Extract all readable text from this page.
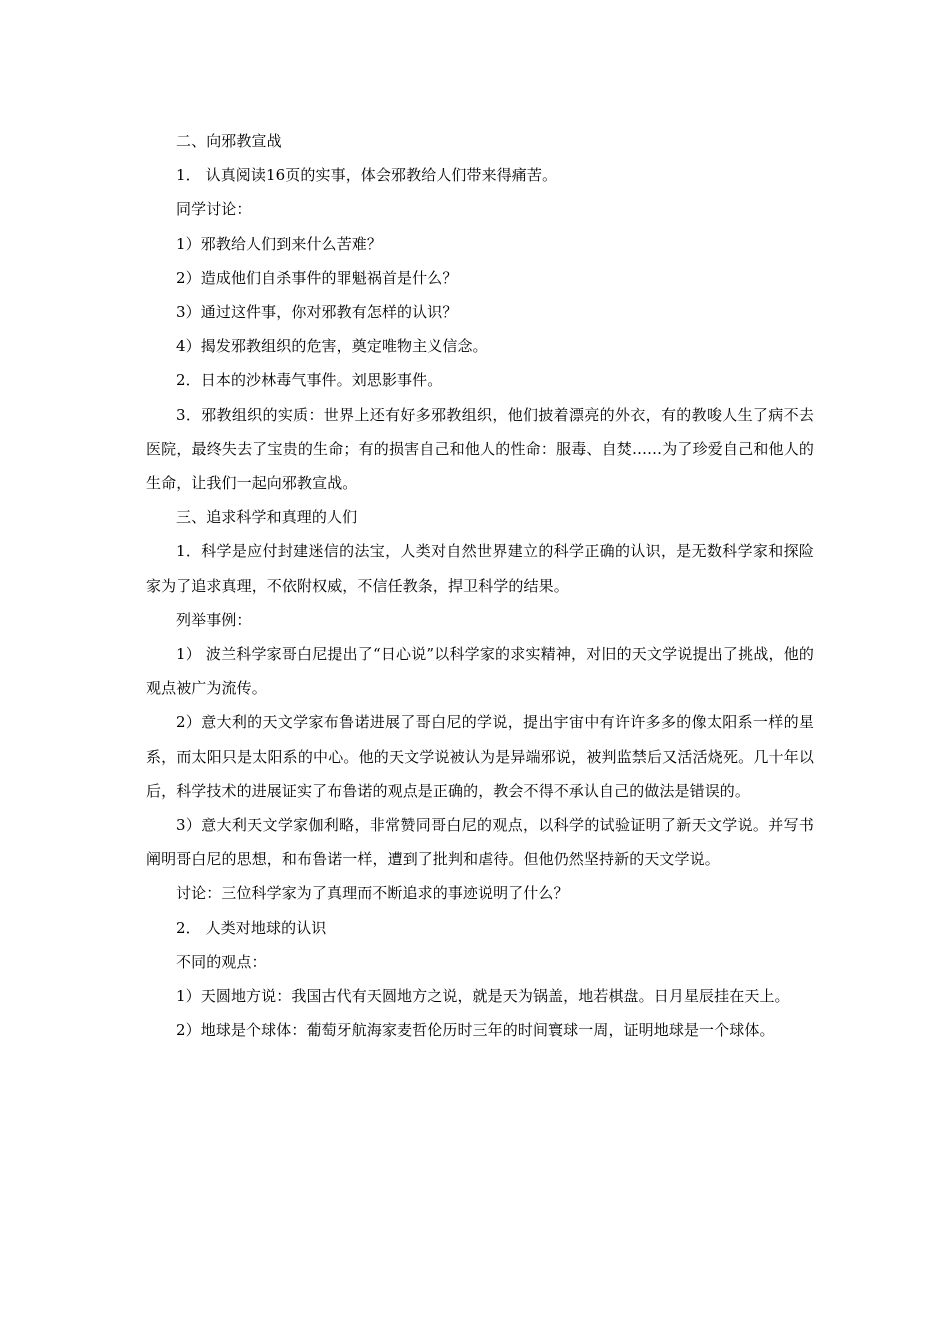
二、向邪教宣战

1． 认真阅读16页的实事，体会邪教给人们带来得痛苦。

同学讨论：

1）邪教给人们到来什么苦难？

2）造成他们自杀事件的罪魁祸首是什么？

3）通过这件事，你对邪教有怎样的认识？

4）揭发邪教组织的危害，奠定唯物主义信念。

2．日本的沙林毒气事件。刘思影事件。

3．邪教组织的实质：世界上还有好多邪教组织，他们披着漂亮的外衣，有的教唆人生了病不去医院，最终失去了宝贵的生命；有的损害自己和他人的性命：服毒、自焚……为了珍爱自己和他人的生命，让我们一起向邪教宣战。

三、追求科学和真理的人们

1．科学是应付封建迷信的法宝，人类对自然世界建立的科学正确的认识，是无数科学家和探险家为了追求真理，不依附权威，不信任教条，捍卫科学的结果。

列举事例：

1） 波兰科学家哥白尼提出了“日心说”以科学家的求实精神，对旧的天文学说提出了挑战，他的观点被广为流传。

2）意大利的天文学家布鲁诺进展了哥白尼的学说，提出宇宙中有许许多多的像太阳系一样的星系，而太阳只是太阳系的中心。他的天文学说被认为是异端邪说，被判监禁后又活活烧死。几十年以后，科学技术的进展证实了布鲁诺的观点是正确的，教会不得不承认自己的做法是错误的。

3）意大利天文学家伽利略，非常赞同哥白尼的观点，以科学的试验证明了新天文学说。并写书阐明哥白尼的思想，和布鲁诺一样，遭到了批判和虐待。但他仍然坚持新的天文学说。

讨论：三位科学家为了真理而不断追求的事迹说明了什么？

2． 人类对地球的认识

不同的观点：

1）天圆地方说：我国古代有天圆地方之说，就是天为锅盖，地若棋盘。日月星辰挂在天上。

2）地球是个球体：葡萄牙航海家麦哲伦历时三年的时间寰球一周，证明地球是一个球体。
